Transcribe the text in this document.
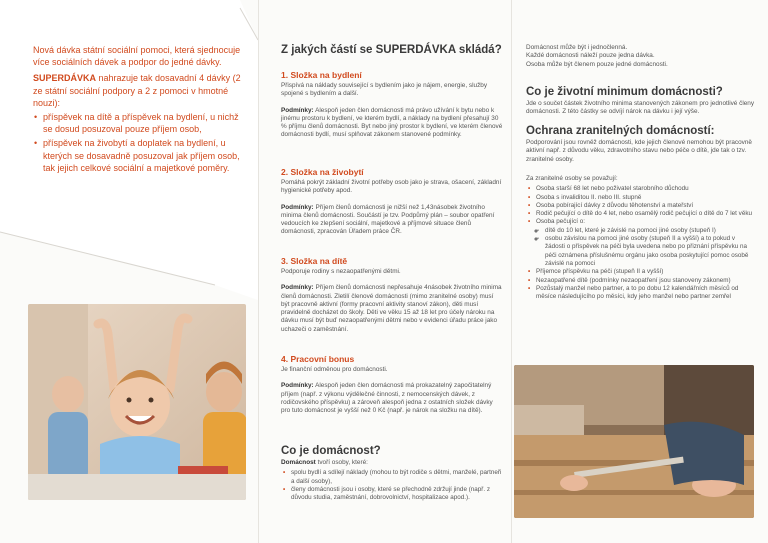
Nová dávka státní sociální pomoci, která sjednocuje více sociálních dávek a podpor do jedné dávky.
SUPERDÁVKA nahrazuje tak dosavadní 4 dávky (2 ze státní sociální podpory a 2 z pomoci v hmotné nouzi):
• příspěvek na dítě a příspěvek na bydlení, u nichž se dosud posuzoval pouze příjem osob,
• příspěvek na živobytí a doplatek na bydlení, u kterých se dosavadně posuzoval jak příjem osob, tak jejich celkové sociální a majetkové poměry.
Z jakých částí se SUPERDÁVKA skládá?
1. Složka na bydlení

Přispívá na náklady související s bydlením jako je nájem, energie, služby spojené s bydlením a další.

Podmínky: Alespoň jeden člen domácnosti má právo užívání k bytu nebo k jinému prostoru k bydlení, ve kterém bydlí, a náklady na bydlení přesahují 30 % příjmu členů domácnosti. Byt nebo jiný prostor k bydlení, ve kterém členové domácnosti bydlí, musí splňovat zákonem stanovené podmínky.

2. Složka na živobytí

Pomáhá pokrýt základní životní potřeby osob jako je strava, ošacení, základní hygienické potřeby apod.

Podmínky: Příjem členů domácnosti je nižší než 1,43násobek životního minima členů domácnosti. Součástí je tzv. Podpůrný plán – soubor opatření vedoucích ke zlepšení sociální, majetkové a příjmové situace členů domácnosti, zpracován Úřadem práce ČR.

3. Složka na dítě

Podporuje rodiny s nezaopatřenými dětmi.

Podmínky: Příjem členů domácnosti nepřesahuje 4násobek životního minima členů domácnosti. Zletilí členové domácnosti (mimo zranitelné osoby) musí být pracovně aktivní (formy pracovní aktivity stanoví zákon), děti musí pravidelně docházet do školy. Děti ve věku 15 až 18 let pro účely nároku na dávku musí být buď nezaopatřenými dětmi nebo v evidenci úřadu práce jako uchazeči o zaměstnání.

4. Pracovní bonus

Je finanční odměnou pro domácnosti.

Podmínky: Alespoň jeden člen domácnosti má prokazatelný započitatelný příjem (např. z výkonu výdělečné činnosti, z nemocenských dávek, z rodičovského příspěvku) a zároveň alespoň jedna z ostatních složek dávky pro tuto domácnost je vyšší než 0 Kč (např. je nárok na složku na dítě).

Co je domácnost?

Domácnost tvoří osoby, které:

• spolu bydlí a sdílejí náklady (mohou to být rodiče s dětmi, manželé, partneři a další osoby),
• členy domácnosti jsou i osoby, které se přechodně zdržují jinde (např. z důvodu studia, zaměstnání, dobrovolnictví, hospitalizace apod.).

Domácnost může být i jednočlenná.

Každé domácnosti náleží pouze jedna dávka.

Osoba může být členem pouze jedné domácnosti.

Co je životní minimum domácnosti?

Jde o součet částek životního minima stanovených zákonem pro jednotlivé členy domácnosti. Z této částky se odvíjí nárok na dávku i její výše.

Ochrana zranitelných domácností:

Podporování jsou rovněž domácnosti, kde jejich členové nemohou být pracovně aktivní např. z důvodu věku, zdravotního stavu nebo péče o dítě, jde tak o tzv. zranitelné osoby.

Za zranitelné osoby se považují:

• Osoba starší 68 let nebo poživatel starobního důchodu
• Osoba s invaliditou II. nebo III. stupně
• Osoba pobírající dávky z důvodu těhotenství a mateřství
• Rodič pečující o dítě do 4 let, nebo osamělý rodič pečující o dítě do 7 let věku
• Osoba pečující o:
- ◦ dítě do 10 let, které je závislé na pomoci jiné osoby (stupeň I)
- ◦ osobu závislou na pomoci jiné osoby (stupeň II a vyšší) a to pokud v žádosti o příspěvek na péči byla uvedena nebo po přiznání příspěvku na péči oznámena příslušnému orgánu jako osoba poskytující pomoc osobě závislé na pomoci
• Příjemce příspěvku na péči (stupeň II a vyšší)
• Nezaopatřené dítě (podmínky nezaopatření jsou stanoveny zákonem)
• Pozůstalý manžel nebo partner, a to po dobu 12 kalendářních měsíců od měsíce následujícího po měsíci, kdy jeho manžel nebo partner zemřel
